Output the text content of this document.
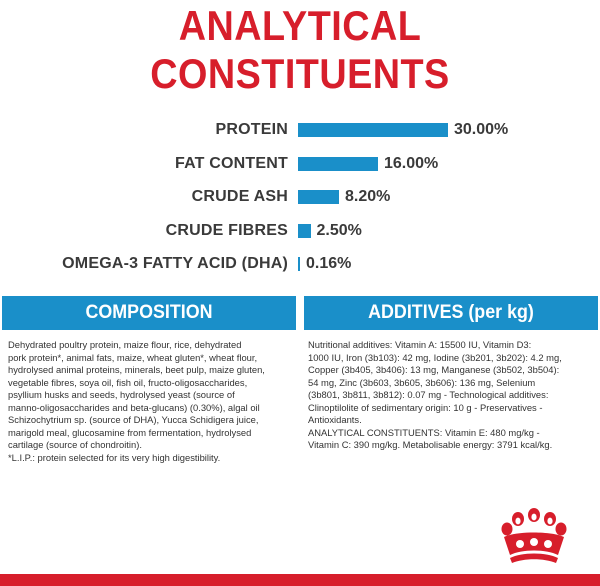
ANALYTICAL CONSTITUENTS
PROTEIN	30.00%
FAT CONTENT	16.00%
CRUDE ASH	8.20%
CRUDE FIBRES 2.50%
OMEGA-3 FATTY ACID (DHA) 0.16%
COMPOSITION
Dehydrated poultry protein, maize flour, rice, dehydrated
pork protein*, animal fats, maize, wheat gluten*, wheat flour,
hydrolysed animal proteins, minerals, beet pulp, maize gluten,
vegetable fibres, soya oil, fish oil, fructo-oligosaccharides,
psyllium husks and seeds, hydrolysed yeast (source of
manno-oligosaccharides and beta-glucans) (0.30%), algal oil
Schizochytrium sp. (source of DHA), Yucca Schidigera juice,
marigold meal, glucosamine from fermentation, hydrolysed
cartilage (source of chondroitin).
*L.I.P.: protein selected for its very high digestibility.
ADDITIVES (per kg)
Nutritional additives: Vitamin A: 15500 IU, Vitamin D3:
1000 IU, Iron (3b103): 42 mg, Iodine (3b201, 3b202): 4.2 mg,
Copper (3b405, 3b406): 13 mg, Manganese (3b502, 3b504):
54 mg, Zinc (3b603, 3b605, 3b606): 136 mg, Selenium
(3b801, 3b811, 3b812): 0.07 mg - Technological additives:
Clinoptilolite of sedimentary origin: 10 g - Preservatives -
Antioxidants.
ANALYTICAL CONSTITUENTS: Vitamin E: 480 mg/kg -
Vitamin C: 390 mg/kg. Metabolisable energy: 3791 kcal/kg.
